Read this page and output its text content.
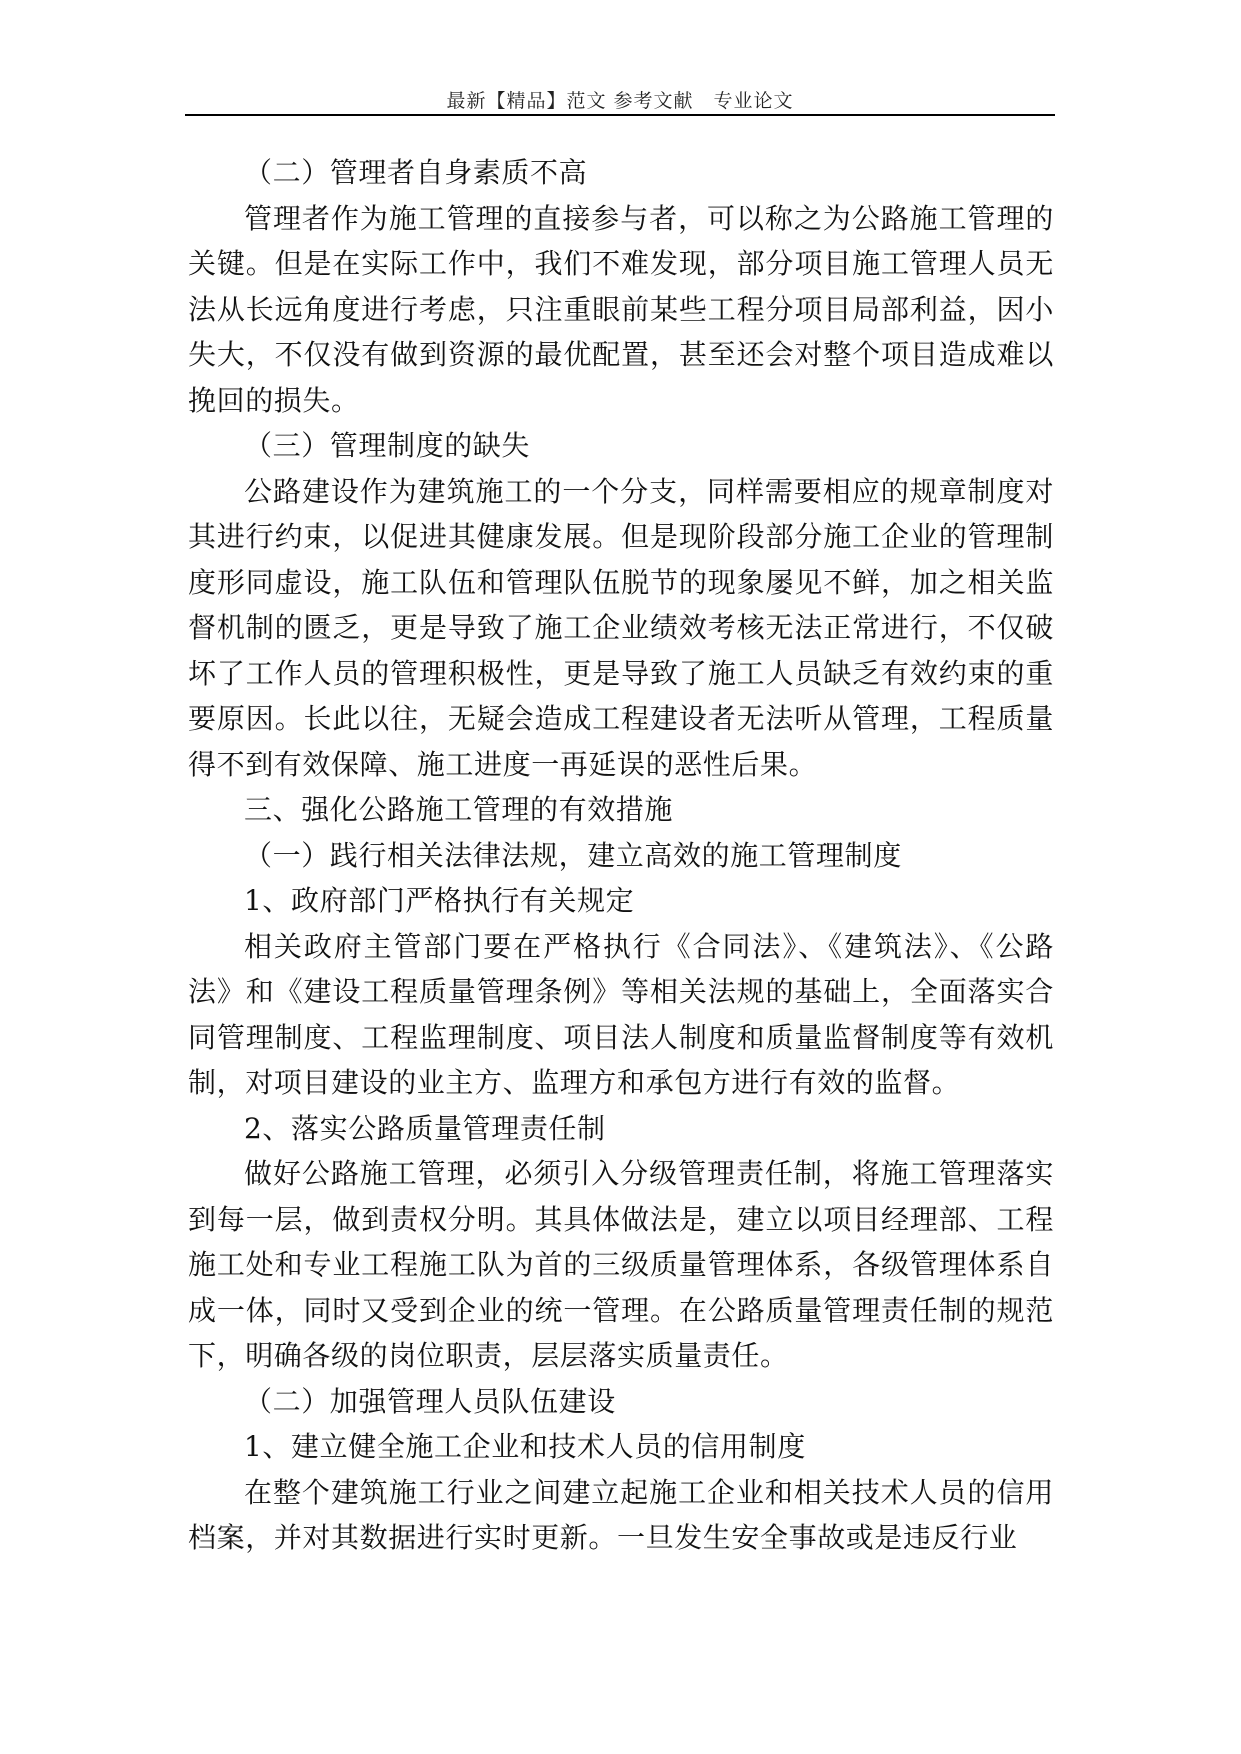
最新【精品】范文 参考文献　专业论文

（二）管理者自身素质不高

管理者作为施工管理的直接参与者，可以称之为公路施工管理的关键。但是在实际工作中，我们不难发现，部分项目施工管理人员无法从长远角度进行考虑，只注重眼前某些工程分项目局部利益，因小失大，不仅没有做到资源的最优配置，甚至还会对整个项目造成难以挽回的损失。

（三）管理制度的缺失

公路建设作为建筑施工的一个分支，同样需要相应的规章制度对其进行约束，以促进其健康发展。但是现阶段部分施工企业的管理制度形同虚设，施工队伍和管理队伍脱节的现象屡见不鲜，加之相关监督机制的匮乏，更是导致了施工企业绩效考核无法正常进行，不仅破坏了工作人员的管理积极性，更是导致了施工人员缺乏有效约束的重要原因。长此以往，无疑会造成工程建设者无法听从管理，工程质量得不到有效保障、施工进度一再延误的恶性后果。

三、强化公路施工管理的有效措施

（一）践行相关法律法规，建立高效的施工管理制度

1、政府部门严格执行有关规定

相关政府主管部门要在严格执行《合同法》、《建筑法》、《公路法》和《建设工程质量管理条例》等相关法规的基础上，全面落实合同管理制度、工程监理制度、项目法人制度和质量监督制度等有效机制，对项目建设的业主方、监理方和承包方进行有效的监督。

2、落实公路质量管理责任制

做好公路施工管理，必须引入分级管理责任制，将施工管理落实到每一层，做到责权分明。其具体做法是，建立以项目经理部、工程施工处和专业工程施工队为首的三级质量管理体系，各级管理体系自成一体，同时又受到企业的统一管理。在公路质量管理责任制的规范下，明确各级的岗位职责，层层落实质量责任。

（二）加强管理人员队伍建设

1、建立健全施工企业和技术人员的信用制度

在整个建筑施工行业之间建立起施工企业和相关技术人员的信用档案，并对其数据进行实时更新。一旦发生安全事故或是违反行业
